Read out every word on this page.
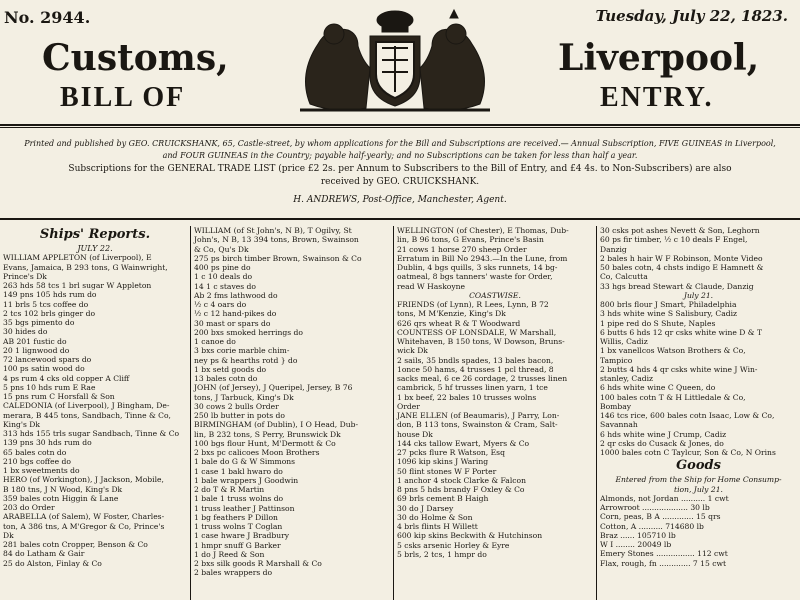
No. 2944.	Tuesday, July 22, 1823.
Customs,
BILL OF
Liverpool,
ENTRY.
Printed and published by GEO. CRUICKSHANK, 65, Castle-street, by whom applications for the Bill and Subscriptions are received.— Annual Subscription, FIVE GUINEAS in Liverpool,
and FOUR GUINEAS in the Country; payable half-yearly; and no Subscriptions can be taken for less than half a year.
Subscriptions for the GENERAL TRADE LIST (price £2 2s. per Annum to Subscribers to the Bill of Entry, and £4 4s. to Non-Subscribers) are also
received by GEO. CRUICKSHANK.
H. ANDREWS, Post-Office, Manchester, Agent.

Ships' Reports.

JULY 22.

WILLIAM APPLETON (of Liverpool), E

Evans, Jamaica, B 293 tons, G Wainwright,

Prince's Dk

263 hds 58 tcs 1 brl sugar W Appleton

149 pns 105 hds rum do

11 brls 5 tcs coffee do

2 tcs 102 brls ginger do

35 bgs pimento do

30 hides do

AB 201 fustic do

20 1 lignwood do

72 lancewood spars do

100 ps satin wood do

4 ps rum 4 cks old copper A Cliff

5 pns 10 hds rum E Rae

15 pns rum C Horsfall & Son

CALEDONIA (of Liverpool), J Bingham, De-

merara, B 445 tons, Sandbach, Tinne & Co,

King's Dk

313 hds 155 trls sugar Sandbach, Tinne & Co

139 pns 30 hds rum do

65 bales cotn do

210 bgs coffee do

1 bx sweetments do

HERO (of Workington), J Jackson, Mobile,

B 180 tns, J N Wood, King's Dk

359 bales cotn Higgin & Lane

203 do Order

ARABELLA (of Salem), W Foster, Charles-

ton, A 386 tns, A M'Gregor & Co, Prince's

Dk

281 bales cotn Cropper, Benson & Co

84 do Latham & Gair

25 do Alston, Finlay & Co

WILLIAM (of St John's, N B), T Ogilvy, St

John's, N B, 13 394 tons, Brown, Swainson

& Co, Qu's Dk

275 ps birch timber Brown, Swainson & Co

400 ps pine do

1 c 10 deals do

14 1 c staves do

Ab 2 fms lathwood do

½ c 4 oars do

½ c 12 hand-pikes do

30 mast or spars do

200 bxs smoked herrings do

1 canoe do

3 bxs corie marble chim-

ney ps & hearths rotd } do

1 bx setd goods do

13 bales cotn do

JOHN (of Jersey), J Queripel, Jersey, B 76

tons, J Tarbuck, King's Dk

30 cows 2 bulls Order

250 lb butter in pots do

BIRMINGHAM (of Dublin), I O Head, Dub-

lin, B 232 tons, S Perry, Brunswick Dk

100 bgs flour Hunt, M'Dermott & Co

2 bxs pc calicoes Moon Brothers

1 bale do G & W Simmons

1 case 1 bakl hwaro do

1 bale wrappers J Goodwin

2 do T & R Martin

1 bale 1 truss wolns do

1 truss leather J Pattinson

1 bg feathers P Dillon

1 truss wolns T Coglan

1 case hware J Bradbury

1 hmpr snuff G Barker

1 do J Reed & Son

2 bxs silk goods R Marshall & Co

2 bales wrappers do

WELLINGTON (of Chester), E Thomas, Dub-

lin, B 96 tons, G Evans, Prince's Basin

21 cows 1 horse 270 sheep Order

Erratum in Bill No 2943.—In the Lune, from

Dublin, 4 bgs quills, 3 sks runnets, 14 bg-

oatmeal, 8 bgs tanners' waste for Order,

read W Haskoyne

COASTWISE.

FRIENDS (of Lynn), R Lees, Lynn, B 72

tons, M M'Kenzie, King's Dk

626 qrs wheat R & T Woodward

COUNTESS OF LONSDALE, W Marshall,

Whitehaven, B 150 tons, W Dowson, Bruns-

wick Dk

2 sails, 35 bndls spades, 13 bales bacon,

1once 50 hams, 4 trusses 1 pcl thread, 8

sacks meal, 6 ce 26 cordage, 2 trusses linen

cambrick, 5 hf trusses linen yarn, 1 tce

1 bx beef, 22 bales 10 trusses wolns

Order

JANE ELLEN (of Beaumaris), J Parry, Lon-

don, B 113 tons, Swainston & Cram, Salt-

house Dk

144 cks tallow Ewart, Myers & Co

27 pcks flure R Watson, Esq

1096 kip skins J Waring

50 flint stones W F Porter

1 anchor 4 stock Clarke & Falcon

8 pns 5 hds brandy F Oxley & Co

69 brls cement B Haigh

30 do J Darsey

30 do Holme & Son

4 brls flints H Willett

600 kip skins Beckwith & Hutchinson

5 csks arsenic Horley & Eyre

5 brls, 2 tcs, 1 hmpr do

30 csks pot ashes Nevett & Son, Leghorn

60 ps fir timber, ½ c 10 deals F Engel,

Danzig

2 bales h hair W F Robinson, Monte Video

50 bales cotn, 4 chsts indigo E Hamnett &

Co, Calcutta

33 hgs bread Stewart & Claude, Danzig

July 21.

800 brls flour J Smart, Philadelphia

3 hds white wine S Salisbury, Cadiz

1 pipe red do S Shute, Naples

6 butts 6 hds 12 qr csks white wine D & T

Willis, Cadiz

1 bx vanellcos Watson Brothers & Co,

Tampico

2 butts 4 hds 4 qr csks white wine J Win-

stanley, Cadiz

6 hds white wine C Queen, do

100 bales cotn T & H Littledale & Co,

Bombay

146 tcs rice, 600 bales cotn Isaac, Low & Co,

Savannah

6 hds white wine J Crump, Cadiz

2 qr csks do Cusack & Jones, do

1000 bales cotn C Taylcur, Son & Co, N Orins

Goods

Entered from the Ship for Home Consump-

tion, July 21.

Almonds, not Jordan .......... 1 cwt

Arrowroot ................... 30 lb

Corn, peas, B A ............. 15 qrs

Cotton, A .......... 714680 lb

Braz ...... 105710 lb

W I ........ 20049 lb

Emery Stones ................ 112 cwt

Flax, rough, fn ............. 7 15 cwt
